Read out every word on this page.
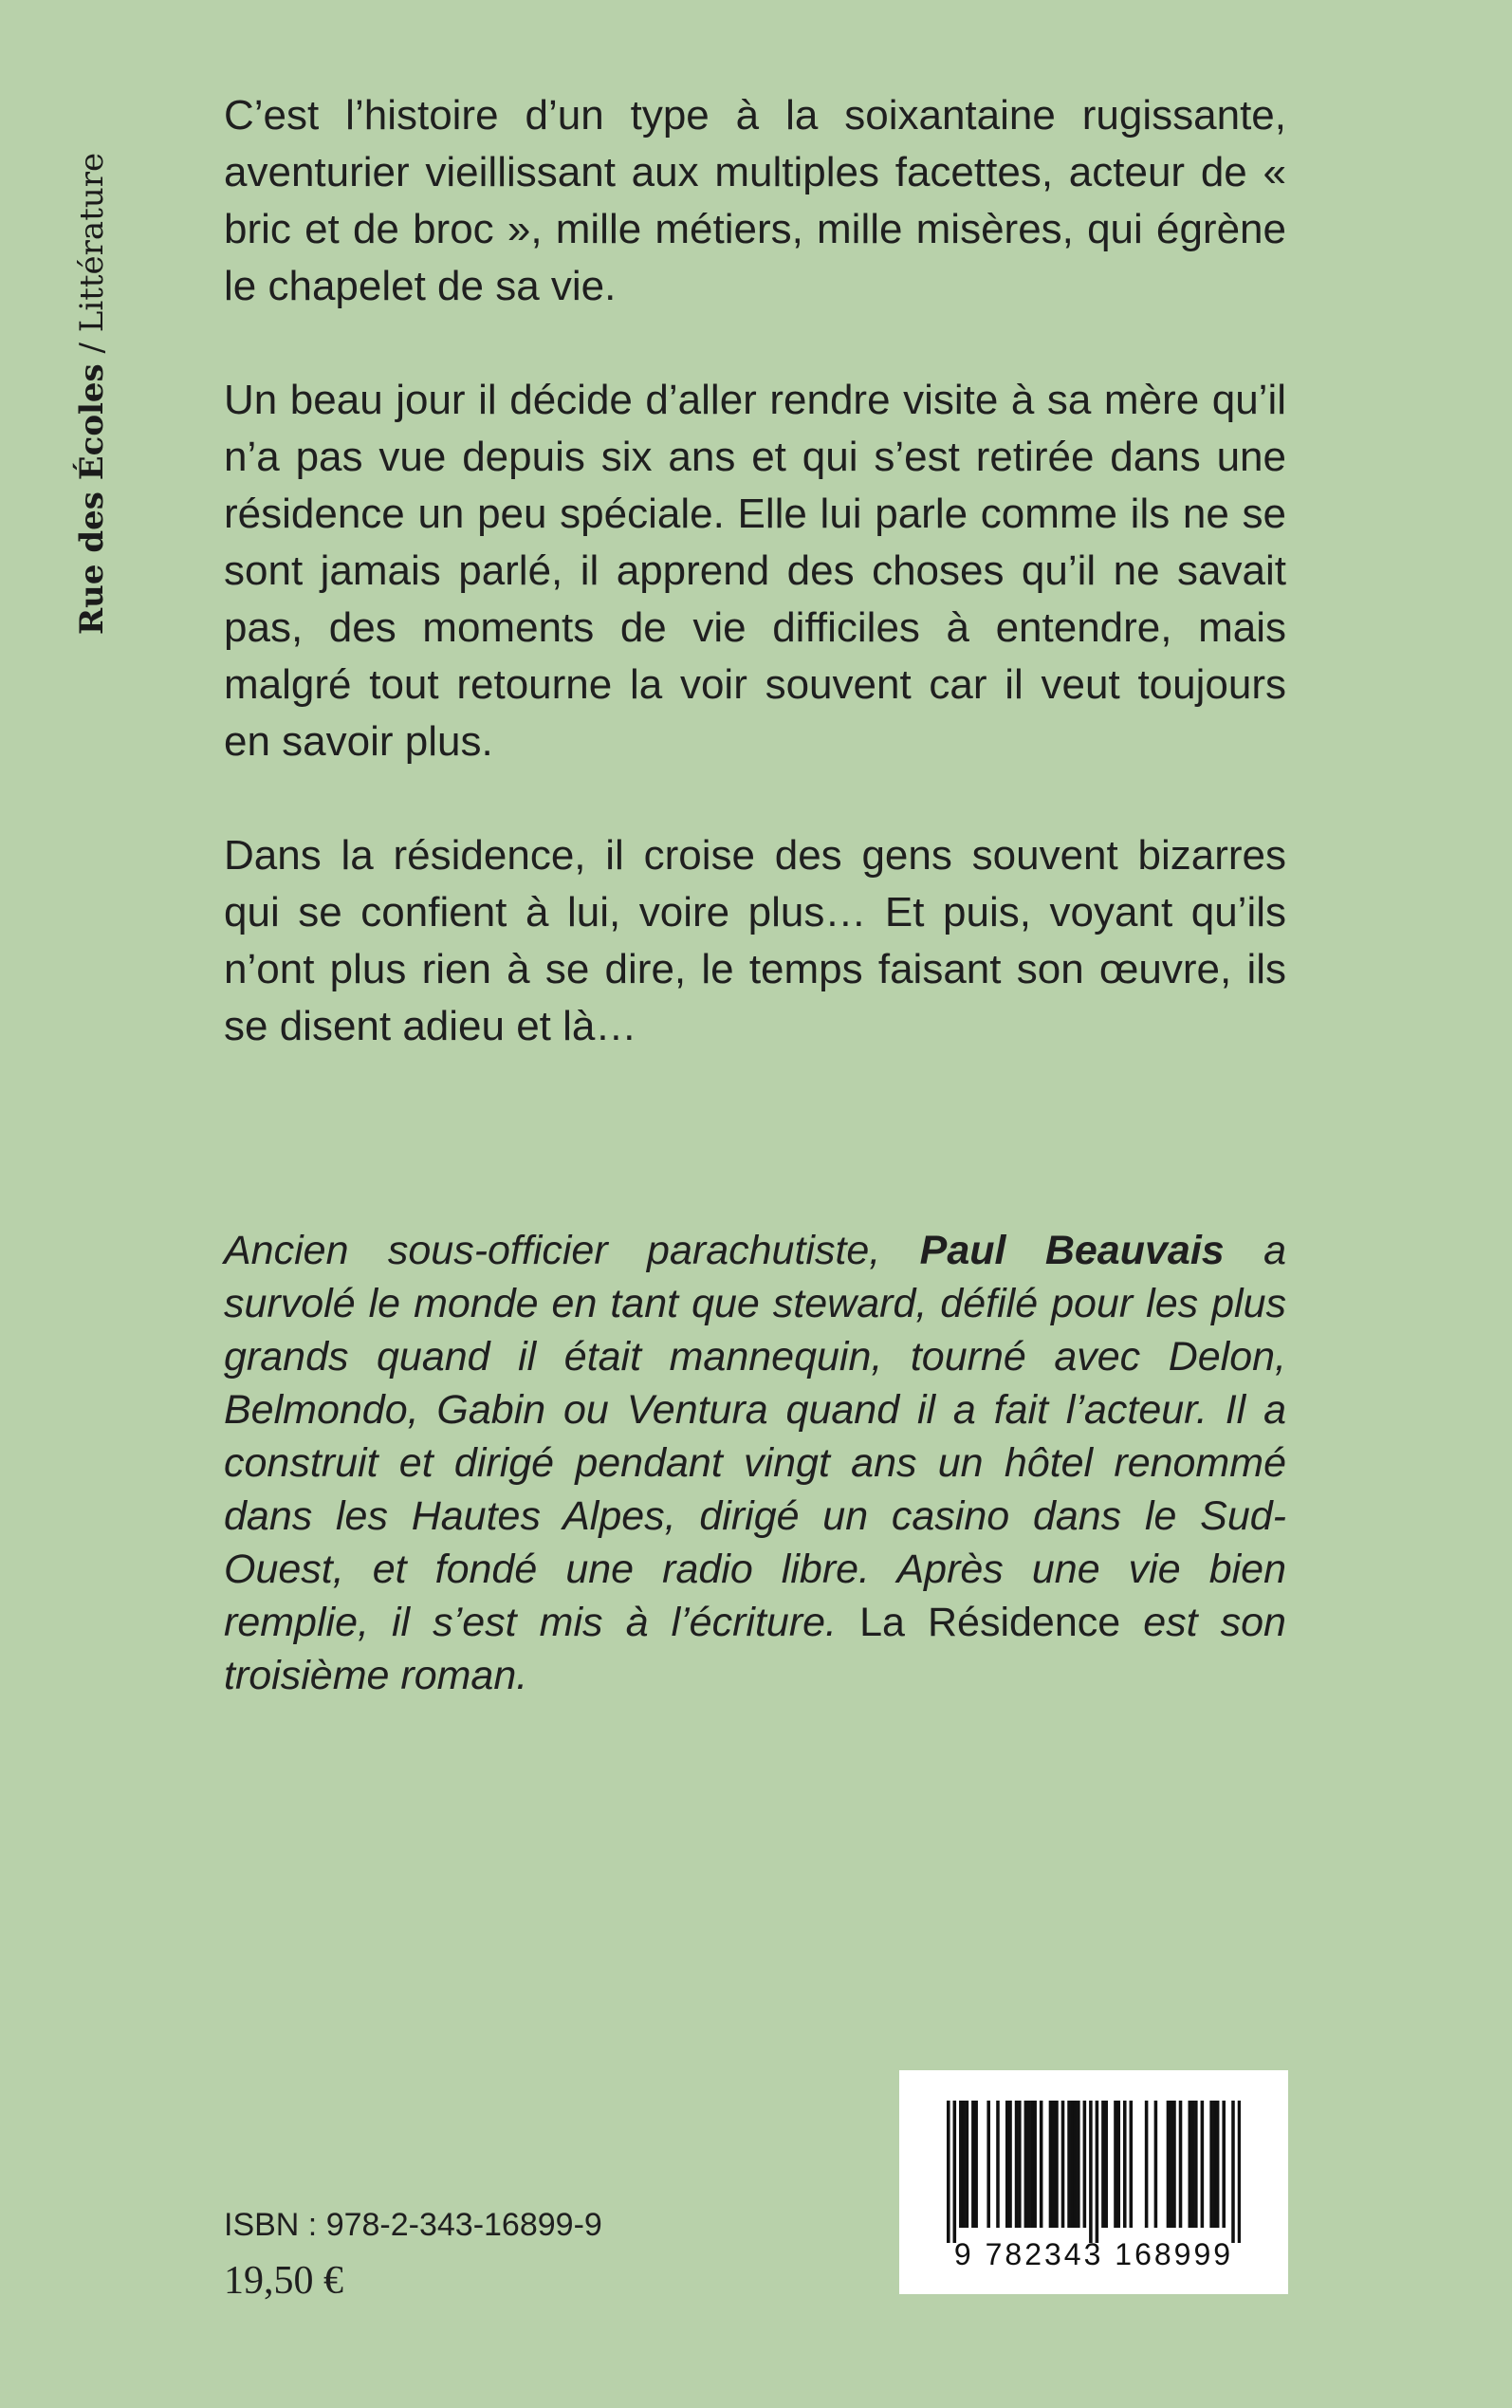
Rue des Écoles / Littérature

C’est l’histoire d’un type à la soixantaine rugissante, aventurier vieillissant aux multiples facettes, acteur de « bric et de broc », mille métiers, mille misères, qui égrène le chapelet de sa vie.

Un beau jour il décide d’aller rendre visite à sa mère qu’il n’a pas vue depuis six ans et qui s’est retirée dans une résidence un peu spéciale. Elle lui parle comme ils ne se sont jamais parlé, il apprend des choses qu’il ne savait pas, des moments de vie difficiles à entendre, mais malgré tout retourne la voir souvent car il veut toujours en savoir plus.

Dans la résidence, il croise des gens souvent bizarres qui se confient à lui, voire plus… Et puis, voyant qu’ils n’ont plus rien à se dire, le temps faisant son œuvre, ils se disent adieu et là…

Ancien sous-officier parachutiste, Paul Beauvais a survolé le monde en tant que steward, défilé pour les plus grands quand il était mannequin, tourné avec Delon, Belmondo, Gabin ou Ventura quand il a fait l’acteur. Il a construit et dirigé pendant vingt ans un hôtel renommé dans les Hautes Alpes, dirigé un casino dans le Sud-Ouest, et fondé une radio libre. Après une vie bien remplie, il s’est mis à l’écriture. La Résidence est son troisième roman.

ISBN : 978-2-343-16899-9
19,50 €
9 782343 168999
